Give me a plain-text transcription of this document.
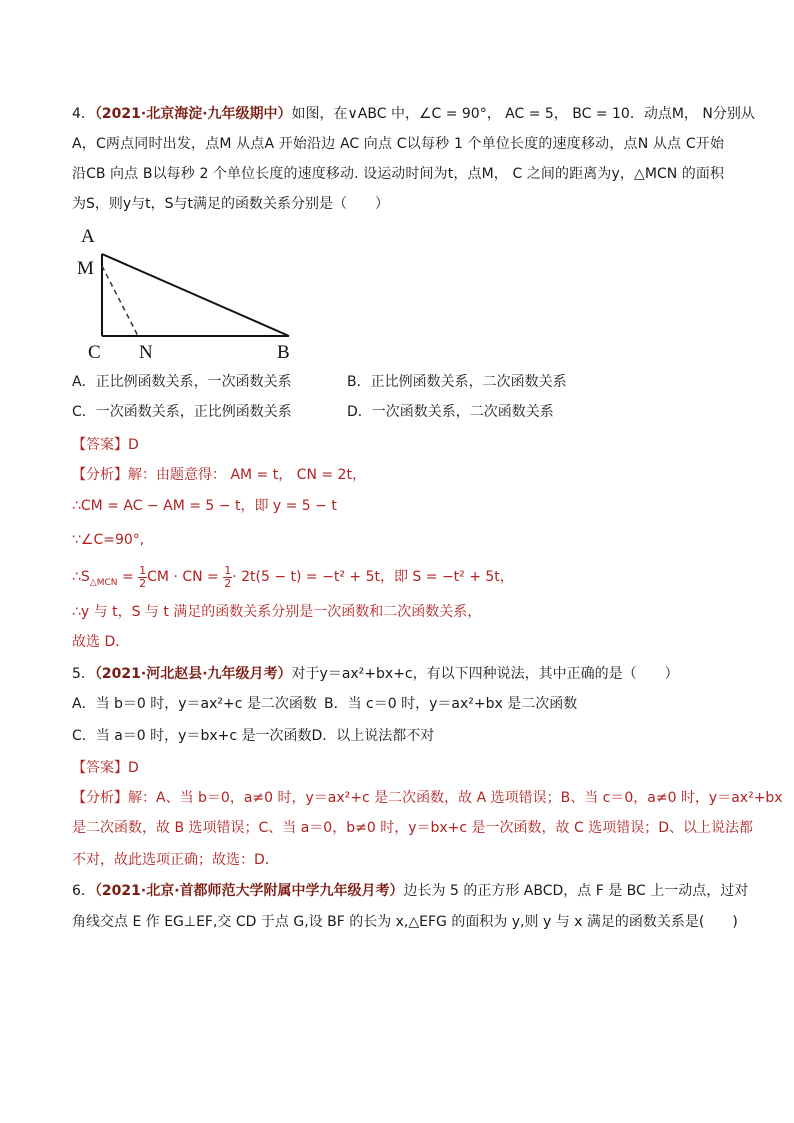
4．（2021·北京海淀·九年级期中）如图，在∨ABC 中，∠C = 90°， AC = 5， BC = 10．动点M， N分别从
A，C两点同时出发，点M 从点A 开始沿边 AC 向点 C以每秒 1 个单位长度的速度移动，点N 从点 C开始
沿CB 向点 B以每秒 2 个单位长度的速度移动. 设运动时间为t，点M， C 之间的距离为y，△MCN 的面积
为S，则y与t，S与t满足的函数关系分别是（　　）
A
M
C N	B
A．正比例函数关系，一次函数关系	B．正比例函数关系，二次函数关系
C．一次函数关系，正比例函数关系	D．一次函数关系，二次函数关系
【答案】D
【分析】解：由题意得： AM = t， CN = 2t，
∴CM = AC − AM = 5 − t，即 y = 5 − t
∵∠C=90°,
$\therefore S_{\triangle MCN} = \frac{1}{2}$ CM · CN = $\frac{1}{2} \cdot 2t(5 - t) = -t^2 + 5t$，即 S = −t² + 5t，
∴y 与 t，S 与 t 满足的函数关系分别是一次函数和二次函数关系，
故选 D．
5．（2021·河北赵县·九年级月考）对于y＝ax²+bx+c，有以下四种说法，其中正确的是（　　）
A．当 b＝0 时，y＝ax²+c 是二次函数 B．当 c＝0 时，y＝ax²+bx 是二次函数
C．当 a＝0 时，y＝bx+c 是一次函数D．以上说法都不对
【答案】D
【分析】解：A、当 b＝0，a≠0 时，y＝ax²+c 是二次函数，故 A 选项错误；B、当 c＝0，a≠0 时，y＝ax²+bx
是二次函数，故 B 选项错误；C、当 a＝0，b≠0 时，y＝bx+c 是一次函数，故 C 选项错误；D、以上说法都
不对，故此选项正确；故选：D．
6．（2021·北京·首都师范大学附属中学九年级月考）边长为 5 的正方形 ABCD，点 F 是 BC 上一动点，过对
角线交点 E 作 EG⊥EF,交 CD 于点 G,设 BF 的长为 x,△EFG 的面积为 y,则 y 与 x 满足的函数关系是(　　)
